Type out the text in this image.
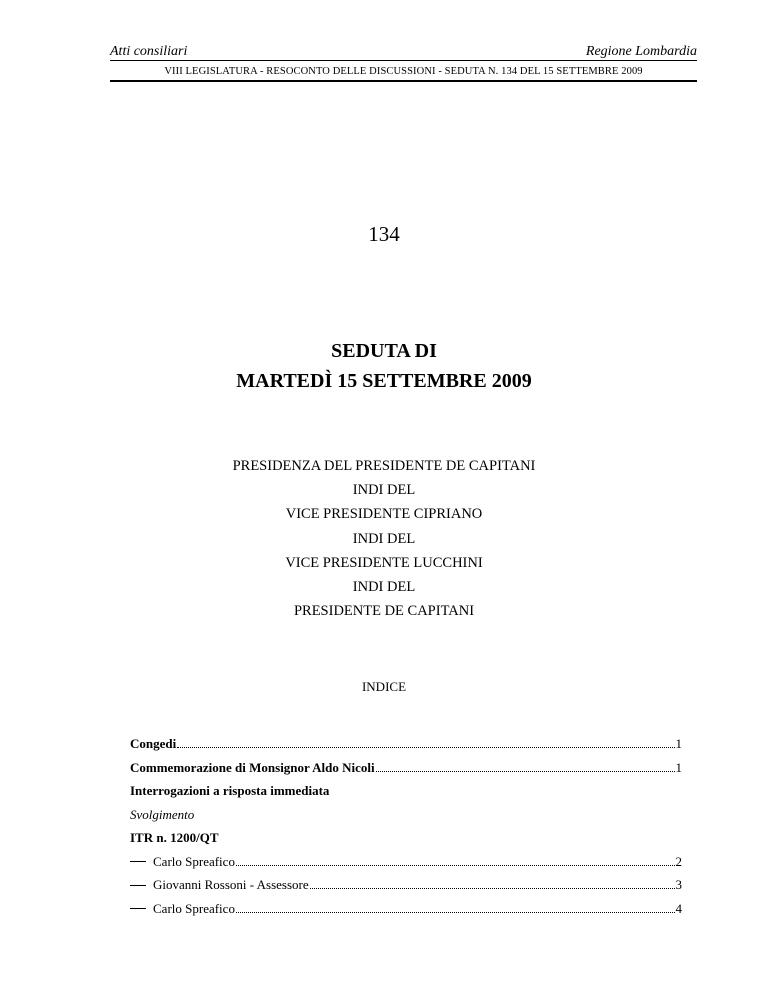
Atti consiliari	Regione Lombardia
VIII LEGISLATURA - RESOCONTO DELLE DISCUSSIONI - SEDUTA N. 134 DEL 15 SETTEMBRE 2009
134
SEDUTA DI
MARTEDÌ 15 SETTEMBRE 2009
PRESIDENZA DEL PRESIDENTE DE CAPITANI
INDI DEL
VICE PRESIDENTE CIPRIANO
INDI DEL
VICE PRESIDENTE LUCCHINI
INDI DEL
PRESIDENTE DE CAPITANI
INDICE
Congedi	1
Commemorazione di Monsignor Aldo Nicoli	1
Interrogazioni a risposta immediata
Svolgimento
ITR n. 1200/QT
Carlo Spreafico	2
Giovanni Rossoni - Assessore	3
Carlo Spreafico	4
